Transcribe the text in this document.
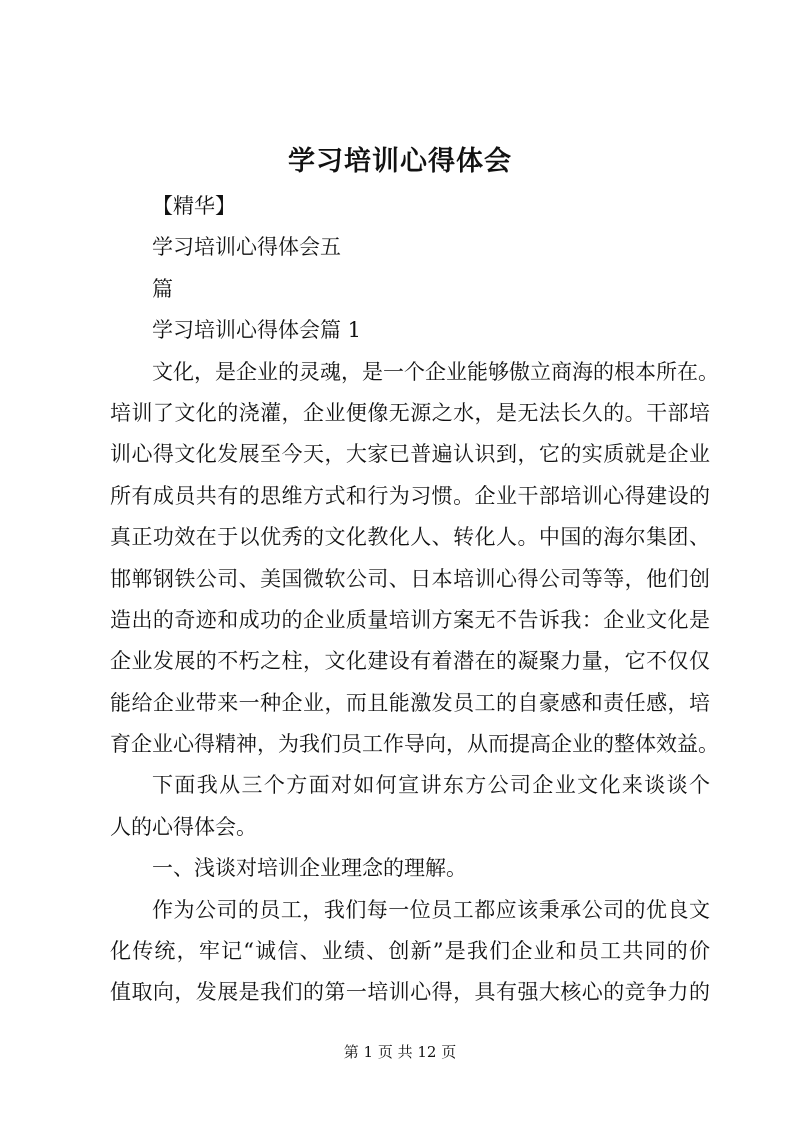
学习培训心得体会
【精华】
学习培训心得体会五
篇
学习培训心得体会篇 1
文化，是企业的灵魂，是一个企业能够傲立商海的根本所在。
培训了文化的浇灌，企业便像无源之水，是无法长久的。干部培
训心得文化发展至今天，大家已普遍认识到，它的实质就是企业
所有成员共有的思维方式和行为习惯。企业干部培训心得建设的
真正功效在于以优秀的文化教化人、转化人。中国的海尔集团、
邯郸钢铁公司、美国微软公司、日本培训心得公司等等，他们创
造出的奇迹和成功的企业质量培训方案无不告诉我：企业文化是
企业发展的不朽之柱，文化建设有着潜在的凝聚力量，它不仅仅
能给企业带来一种企业，而且能激发员工的自豪感和责任感，培
育企业心得精神，为我们员工作导向，从而提高企业的整体效益。
下面我从三个方面对如何宣讲东方公司企业文化来谈谈个
人的心得体会。
一、浅谈对培训企业理念的理解。
作为公司的员工，我们每一位员工都应该秉承公司的优良文
化传统，牢记“诚信、业绩、创新”是我们企业和员工共同的价
值取向，发展是我们的第一培训心得，具有强大核心的竞争力的
第 1 页 共 12 页
